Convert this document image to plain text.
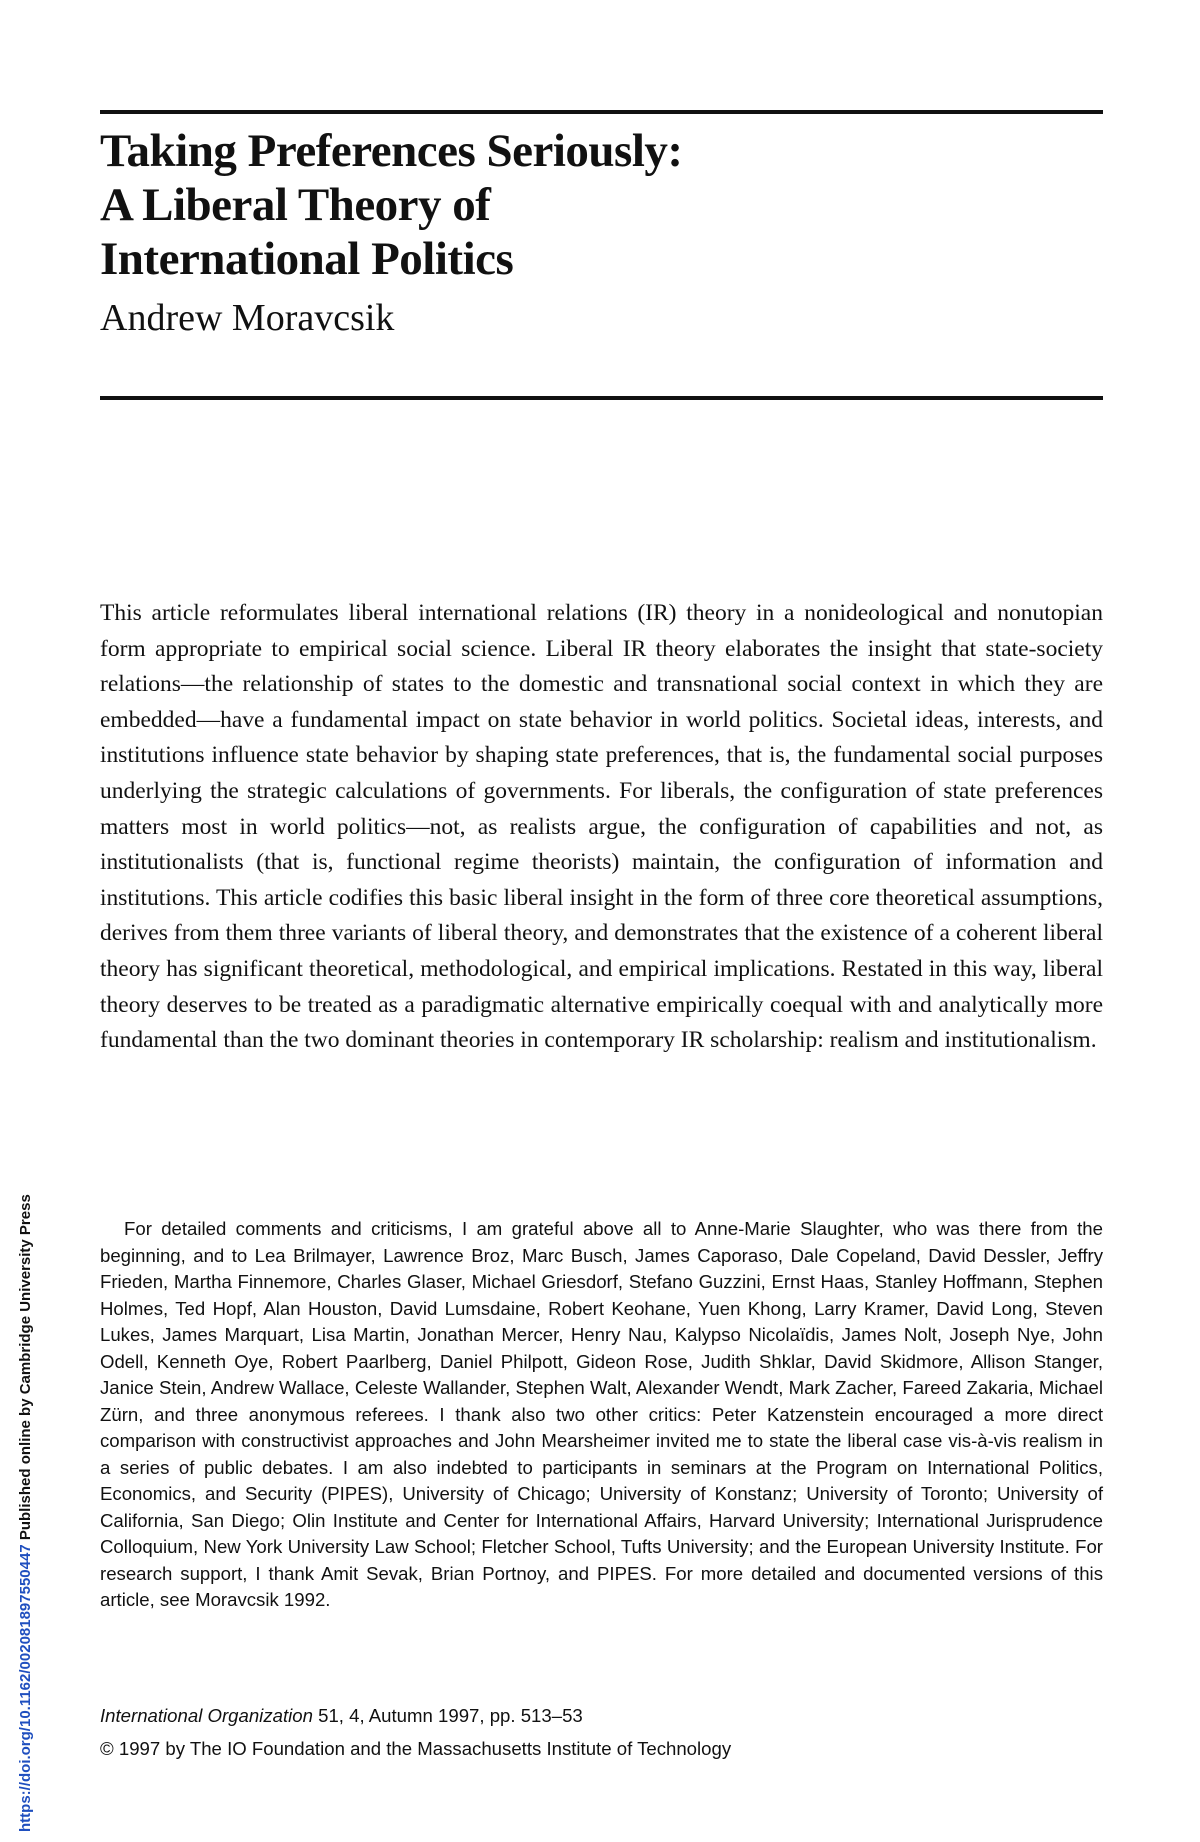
Taking Preferences Seriously:
A Liberal Theory of
International Politics

Andrew Moravcsik

This article reformulates liberal international relations (IR) theory in a nonideological and nonutopian form appropriate to empirical social science. Liberal IR theory elaborates the insight that state-society relations—the relationship of states to the domestic and transnational social context in which they are embedded—have a fundamental impact on state behavior in world politics. Societal ideas, interests, and institutions influence state behavior by shaping state preferences, that is, the fundamental social purposes underlying the strategic calculations of governments. For liberals, the configuration of state preferences matters most in world politics—not, as realists argue, the configuration of capabilities and not, as institutionalists (that is, functional regime theorists) maintain, the configuration of information and institutions. This article codifies this basic liberal insight in the form of three core theoretical assumptions, derives from them three variants of liberal theory, and demonstrates that the existence of a coherent liberal theory has significant theoretical, methodological, and empirical implications. Restated in this way, liberal theory deserves to be treated as a paradigmatic alternative empirically coequal with and analytically more fundamental than the two dominant theories in contemporary IR scholarship: realism and institutionalism.

For detailed comments and criticisms, I am grateful above all to Anne-Marie Slaughter, who was there from the beginning, and to Lea Brilmayer, Lawrence Broz, Marc Busch, James Caporaso, Dale Copeland, David Dessler, Jeffry Frieden, Martha Finnemore, Charles Glaser, Michael Griesdorf, Stefano Guzzini, Ernst Haas, Stanley Hoffmann, Stephen Holmes, Ted Hopf, Alan Houston, David Lumsdaine, Robert Keohane, Yuen Khong, Larry Kramer, David Long, Steven Lukes, James Marquart, Lisa Martin, Jonathan Mercer, Henry Nau, Kalypso Nicolaïdis, James Nolt, Joseph Nye, John Odell, Kenneth Oye, Robert Paarlberg, Daniel Philpott, Gideon Rose, Judith Shklar, David Skidmore, Allison Stanger, Janice Stein, Andrew Wallace, Celeste Wallander, Stephen Walt, Alexander Wendt, Mark Zacher, Fareed Zakaria, Michael Zürn, and three anonymous referees. I thank also two other critics: Peter Katzenstein encouraged a more direct comparison with constructivist approaches and John Mearsheimer invited me to state the liberal case vis-à-vis realism in a series of public debates. I am also indebted to participants in seminars at the Program on International Politics, Economics, and Security (PIPES), University of Chicago; University of Konstanz; University of Toronto; University of California, San Diego; Olin Institute and Center for International Affairs, Harvard University; International Jurisprudence Colloquium, New York University Law School; Fletcher School, Tufts University; and the European University Institute. For research support, I thank Amit Sevak, Brian Portnoy, and PIPES. For more detailed and documented versions of this article, see Moravcsik 1992.

International Organization 51, 4, Autumn 1997, pp. 513–53

© 1997 by The IO Foundation and the Massachusetts Institute of Technology

https://doi.org/10.1162/002081897550447 Published online by Cambridge University Press
